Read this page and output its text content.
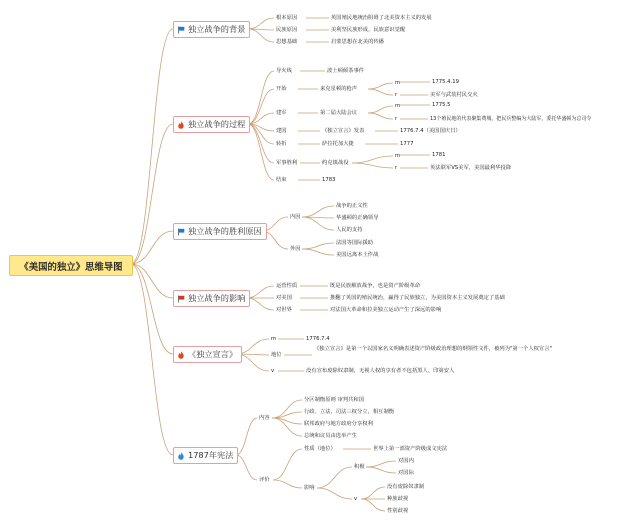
《美国的独立》思维导图
独立战争的背景
独立战争的过程
独立战争的胜利原因
独立战争的影响
《独立宣言》
1787年宪法
根本原因	英国殖民地统治阻碍了北美资本主义的发展
民族原因	美利坚民族形成，民族意识觉醒
思想基础	启蒙思想在北美的传播
导火线	波士顿倾茶事件
开始	来克星顿的枪声
m	1775.4.19
r	美军与武装村民交火
建军	第二届大陆会议
m	1775.5
r	13个殖民地的代表聚集费城，把民兵整编为大陆军，委托华盛顿为总司令
建国	《独立宣言》发表	1776.7.4（美国国庆日）
转折	萨拉托加大捷	1777
军事胜利	约克镇战役
m	1781
r	英法联军VS美军，美国最利华投降
结束	1783
内因
战争的正义性
华盛顿的正确领导
人民的支持
外因
法国等国际援助
美国远离本土作战
运营性质	既是民族解放战争，也是资产阶级革命
对美国	推翻了英国的殖民统治，赢得了民族独立，为美国资本主义发展奠定了基础
对世界	对法国大革命和拉美独立运动产生了深远的影响
m	1776.7.4
地位
《独立宣言》是第一个以国家名义明确表述资产阶级政治理想的纲领性文件，被列为"第一个人权宣言"
v	没有宣布废除奴隶制，无视人权的享有者不包括黑人、印第安人
内容
分区制衡原则 审判共和国
行政、立法、司法三权分立，相互制衡
联邦政府与地方政府分享权利
总统和议员由选举产生
评价
性质（地位）	世界上第一部资产阶级成文宪法
影响
积极
对国内
对国际
v
没有废除奴隶制
种族歧视
性别歧视
